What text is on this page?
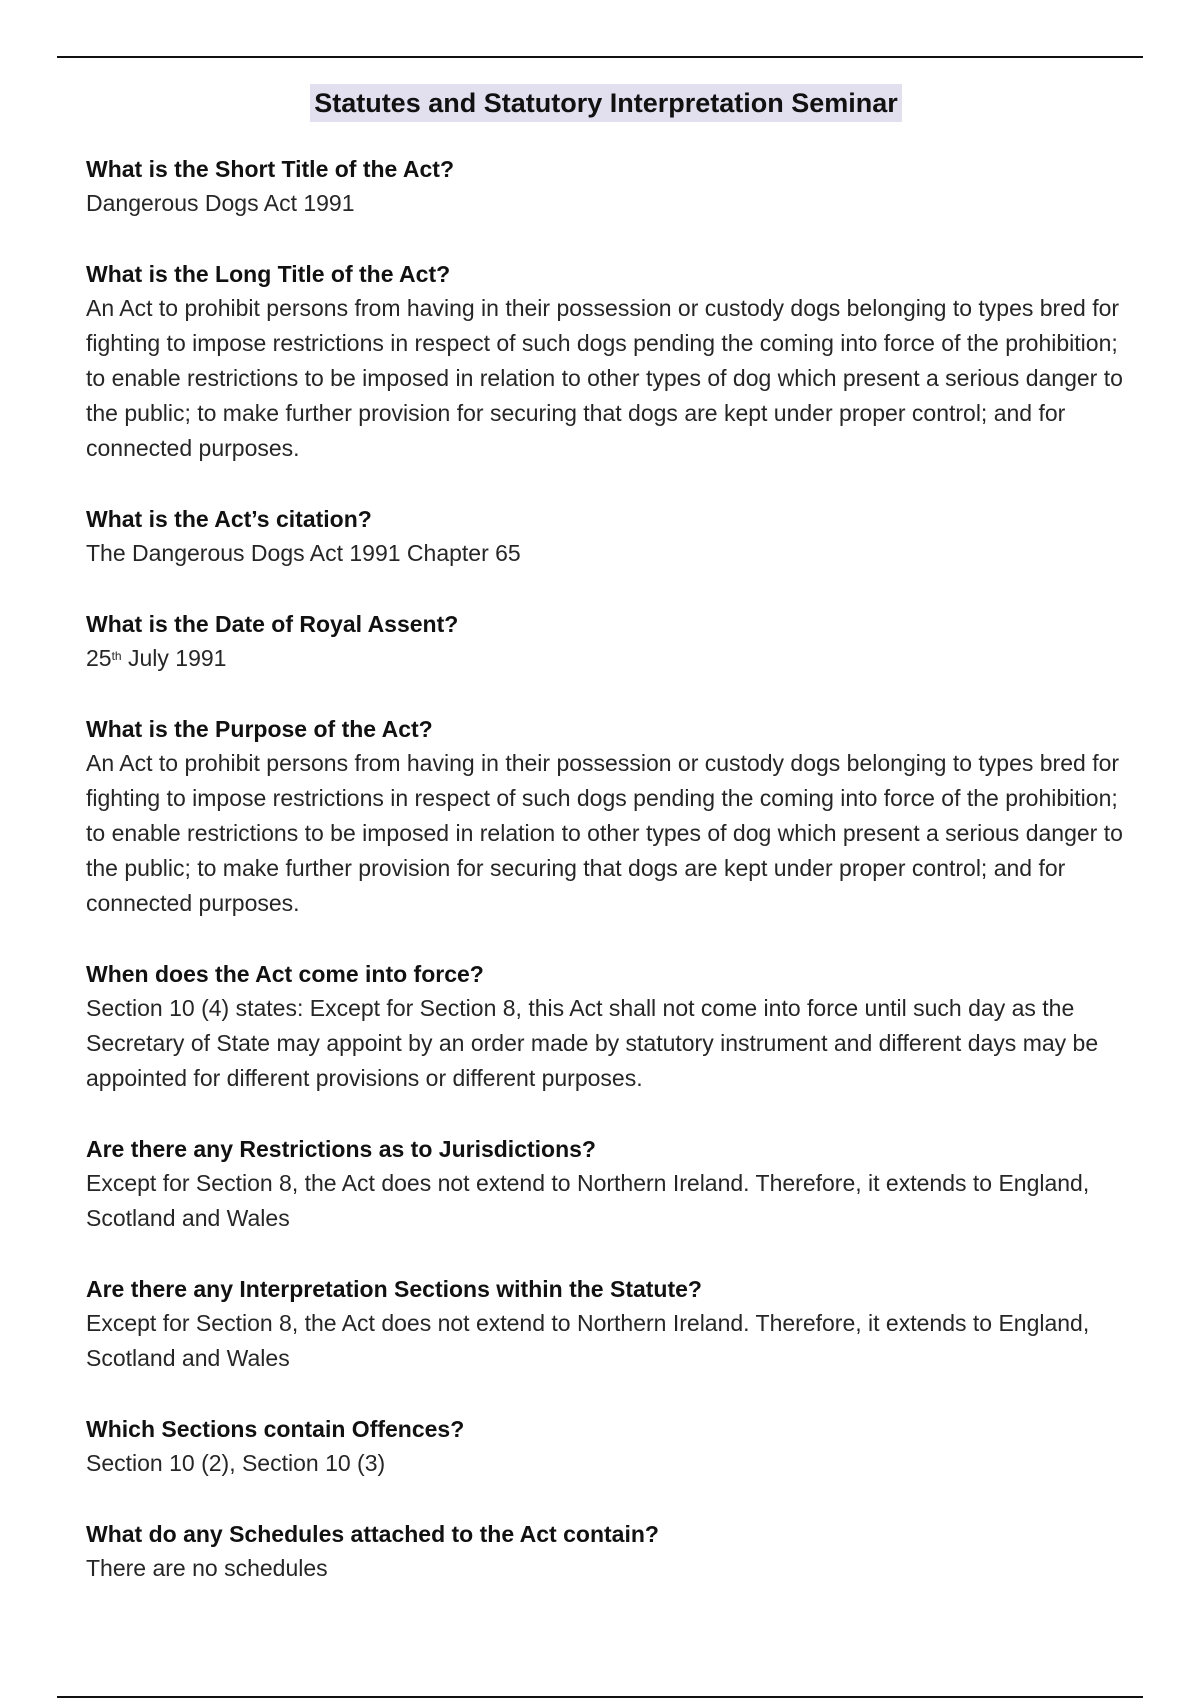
Statutes and Statutory Interpretation Seminar

What is the Short Title of the Act?

Dangerous Dogs Act 1991

What is the Long Title of the Act?

An Act to prohibit persons from having in their possession or custody dogs belonging to types bred for fighting to impose restrictions in respect of such dogs pending the coming into force of the prohibition; to enable restrictions to be imposed in relation to other types of dog which present a serious danger to the public; to make further provision for securing that dogs are kept under proper control; and for connected purposes.

What is the Act’s citation?

The Dangerous Dogs Act 1991 Chapter 65

What is the Date of Royal Assent?

25th July 1991

What is the Purpose of the Act?

An Act to prohibit persons from having in their possession or custody dogs belonging to types bred for fighting to impose restrictions in respect of such dogs pending the coming into force of the prohibition; to enable restrictions to be imposed in relation to other types of dog which present a serious danger to the public; to make further provision for securing that dogs are kept under proper control; and for connected purposes.

When does the Act come into force?

Section 10 (4) states: Except for Section 8, this Act shall not come into force until such day as the Secretary of State may appoint by an order made by statutory instrument and different days may be appointed for different provisions or different purposes.

Are there any Restrictions as to Jurisdictions?

Except for Section 8, the Act does not extend to Northern Ireland. Therefore, it extends to England, Scotland and Wales

Are there any Interpretation Sections within the Statute?

Except for Section 8, the Act does not extend to Northern Ireland. Therefore, it extends to England, Scotland and Wales

Which Sections contain Offences?

Section 10 (2), Section 10 (3)

What do any Schedules attached to the Act contain?

There are no schedules
